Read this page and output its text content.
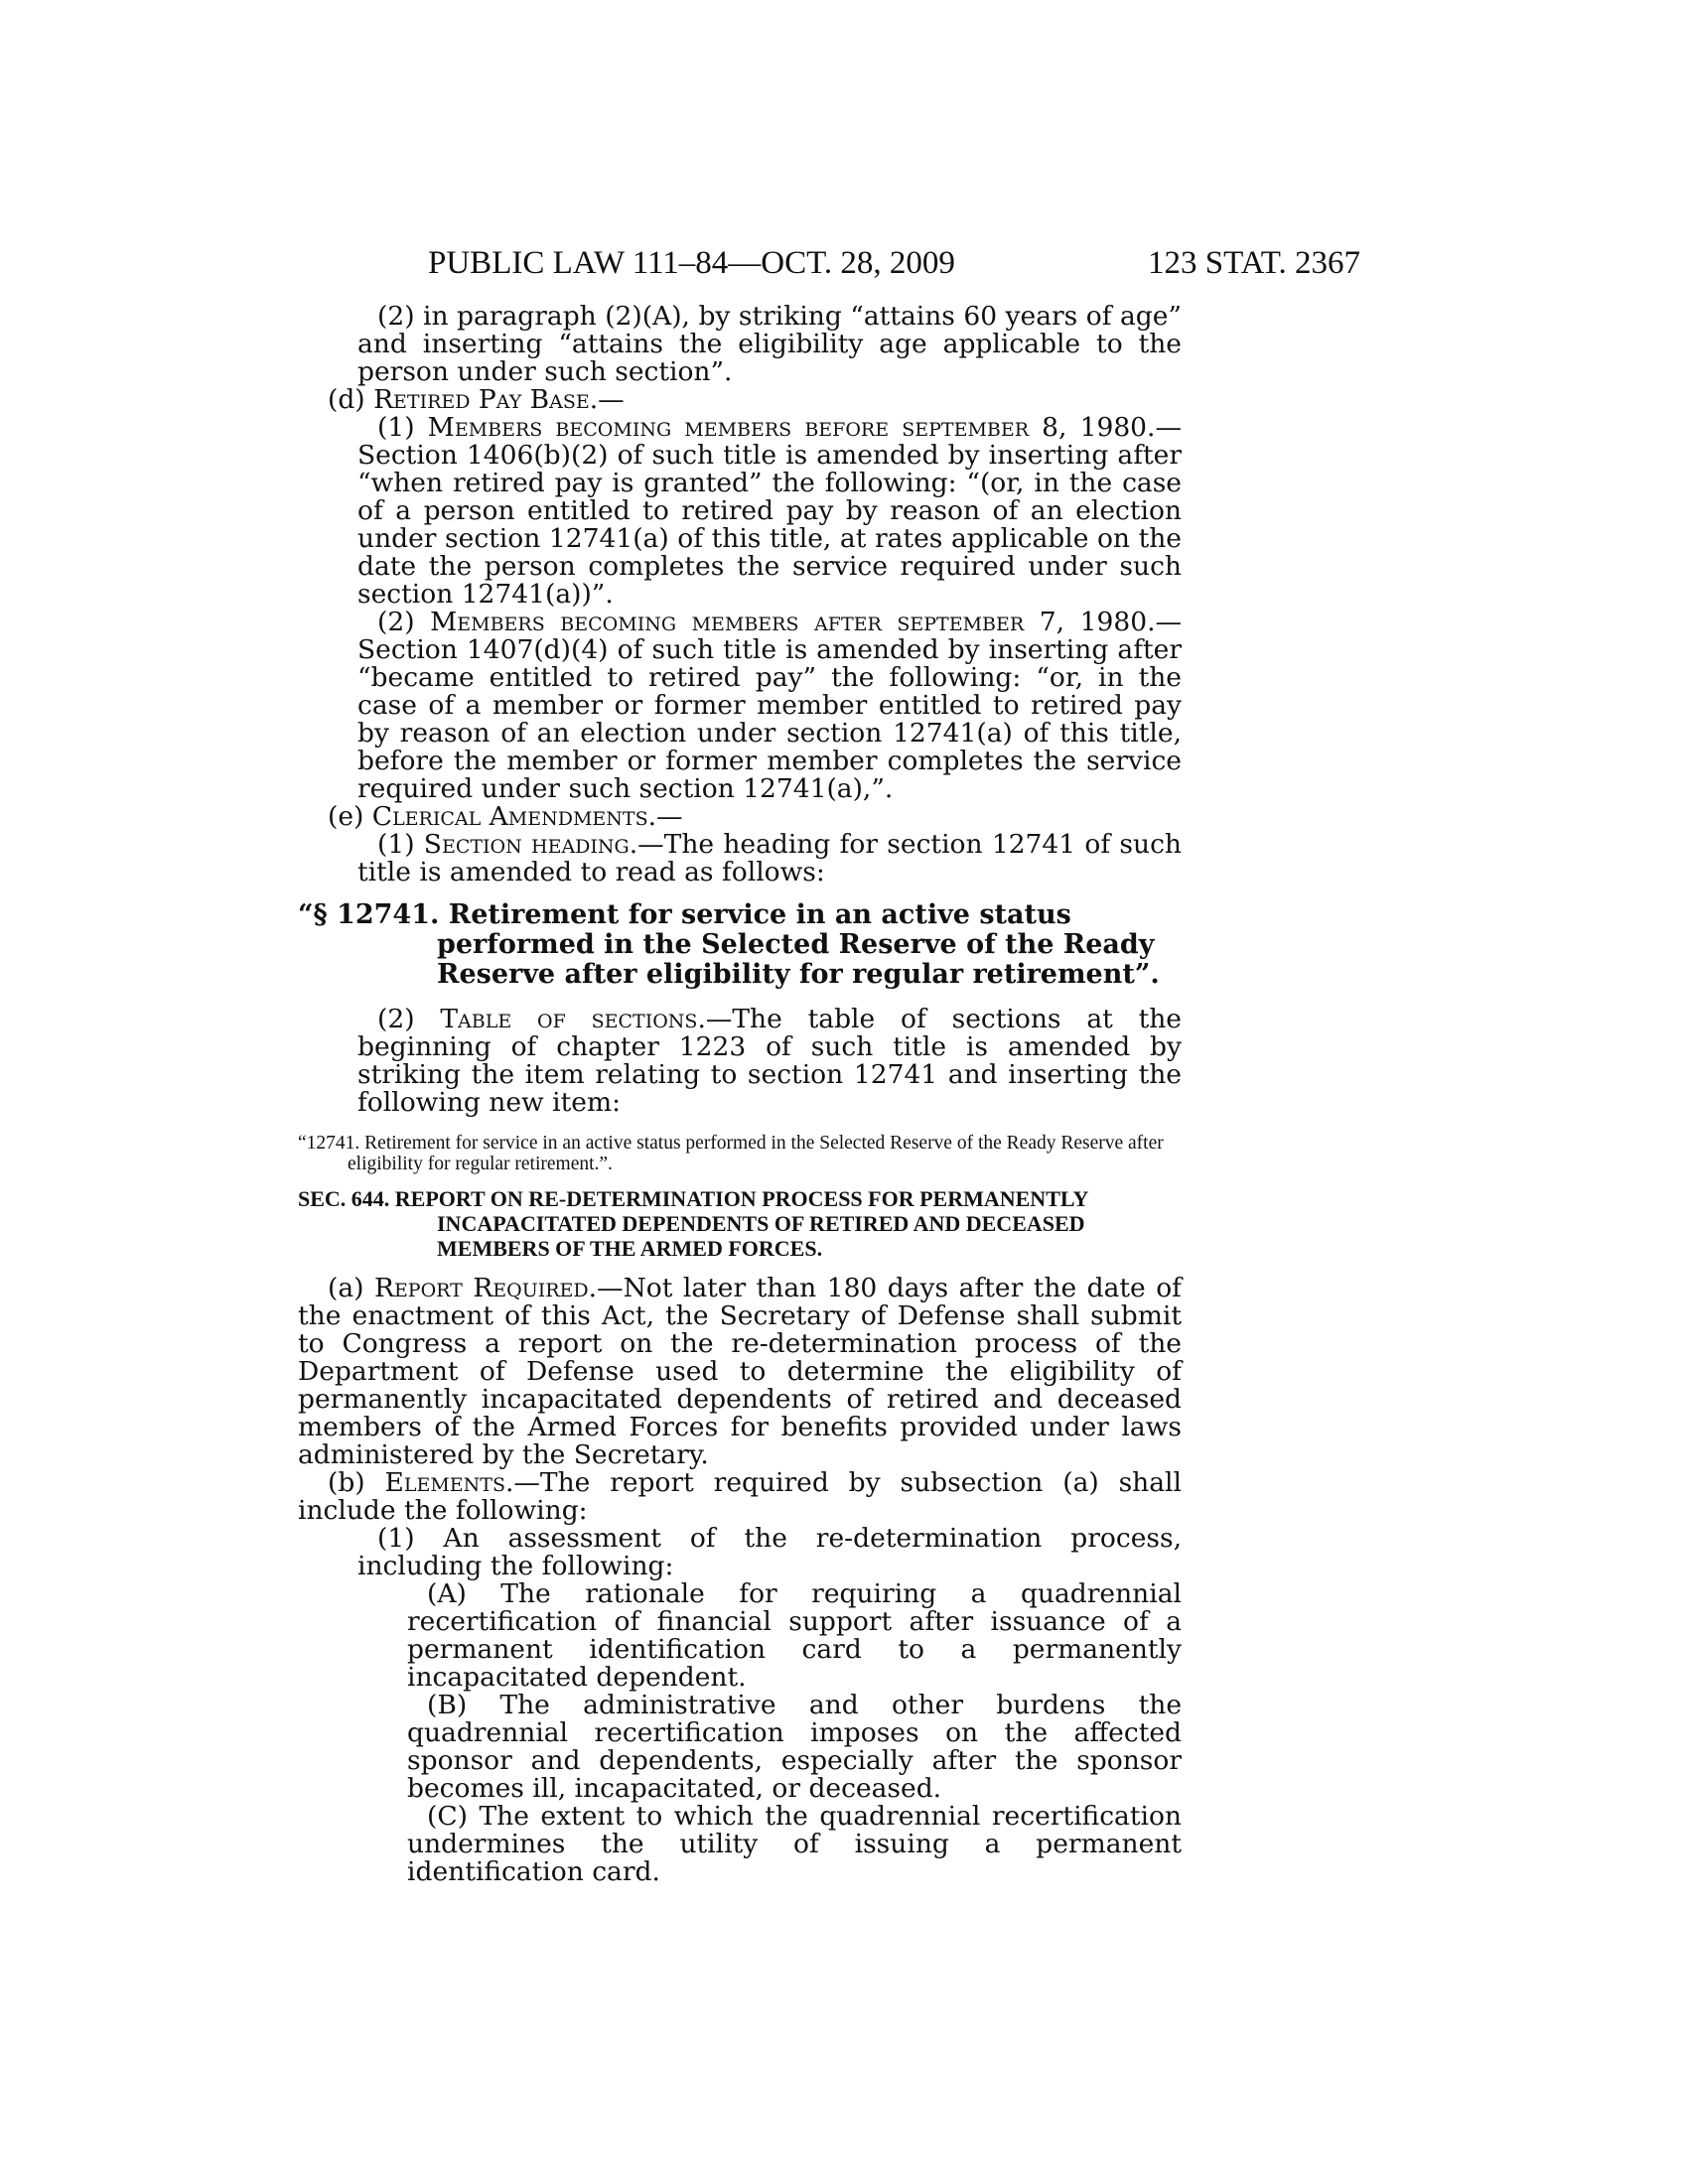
PUBLIC LAW 111–84—OCT. 28, 2009	123 STAT. 2367

(2) in paragraph (2)(A), by striking “attains 60 years of age” and inserting “attains the eligibility age applicable to the person under such section”.

(d) Retired Pay Base.—

(1) Members becoming members before september 8, 1980.—Section 1406(b)(2) of such title is amended by inserting after “when retired pay is granted” the following: “(or, in the case of a person entitled to retired pay by reason of an election under section 12741(a) of this title, at rates applicable on the date the person completes the service required under such section 12741(a))”.

(2) Members becoming members after september 7, 1980.—Section 1407(d)(4) of such title is amended by inserting after “became entitled to retired pay” the following: “or, in the case of a member or former member entitled to retired pay by reason of an election under section 12741(a) of this title, before the member or former member completes the service required under such section 12741(a),”.

(e) Clerical Amendments.—

(1) Section heading.—The heading for section 12741 of such title is amended to read as follows:

“§ 12741. Retirement for service in an active status performed in the Selected Reserve of the Ready Reserve after eligibility for regular retirement”.

(2) Table of sections.—The table of sections at the beginning of chapter 1223 of such title is amended by striking the item relating to section 12741 and inserting the following new item:

“12741. Retirement for service in an active status performed in the Selected Reserve of the Ready Reserve after eligibility for regular retirement.”.

SEC. 644. REPORT ON RE-DETERMINATION PROCESS FOR PERMANENTLY INCAPACITATED DEPENDENTS OF RETIRED AND DECEASED MEMBERS OF THE ARMED FORCES.

(a) Report Required.—Not later than 180 days after the date of the enactment of this Act, the Secretary of Defense shall submit to Congress a report on the re-determination process of the Department of Defense used to determine the eligibility of permanently incapacitated dependents of retired and deceased members of the Armed Forces for benefits provided under laws administered by the Secretary.

(b) Elements.—The report required by subsection (a) shall include the following:

(1) An assessment of the re-determination process, including the following:

(A) The rationale for requiring a quadrennial recertification of financial support after issuance of a permanent identification card to a permanently incapacitated dependent.

(B) The administrative and other burdens the quadrennial recertification imposes on the affected sponsor and dependents, especially after the sponsor becomes ill, incapacitated, or deceased.

(C) The extent to which the quadrennial recertification undermines the utility of issuing a permanent identification card.
